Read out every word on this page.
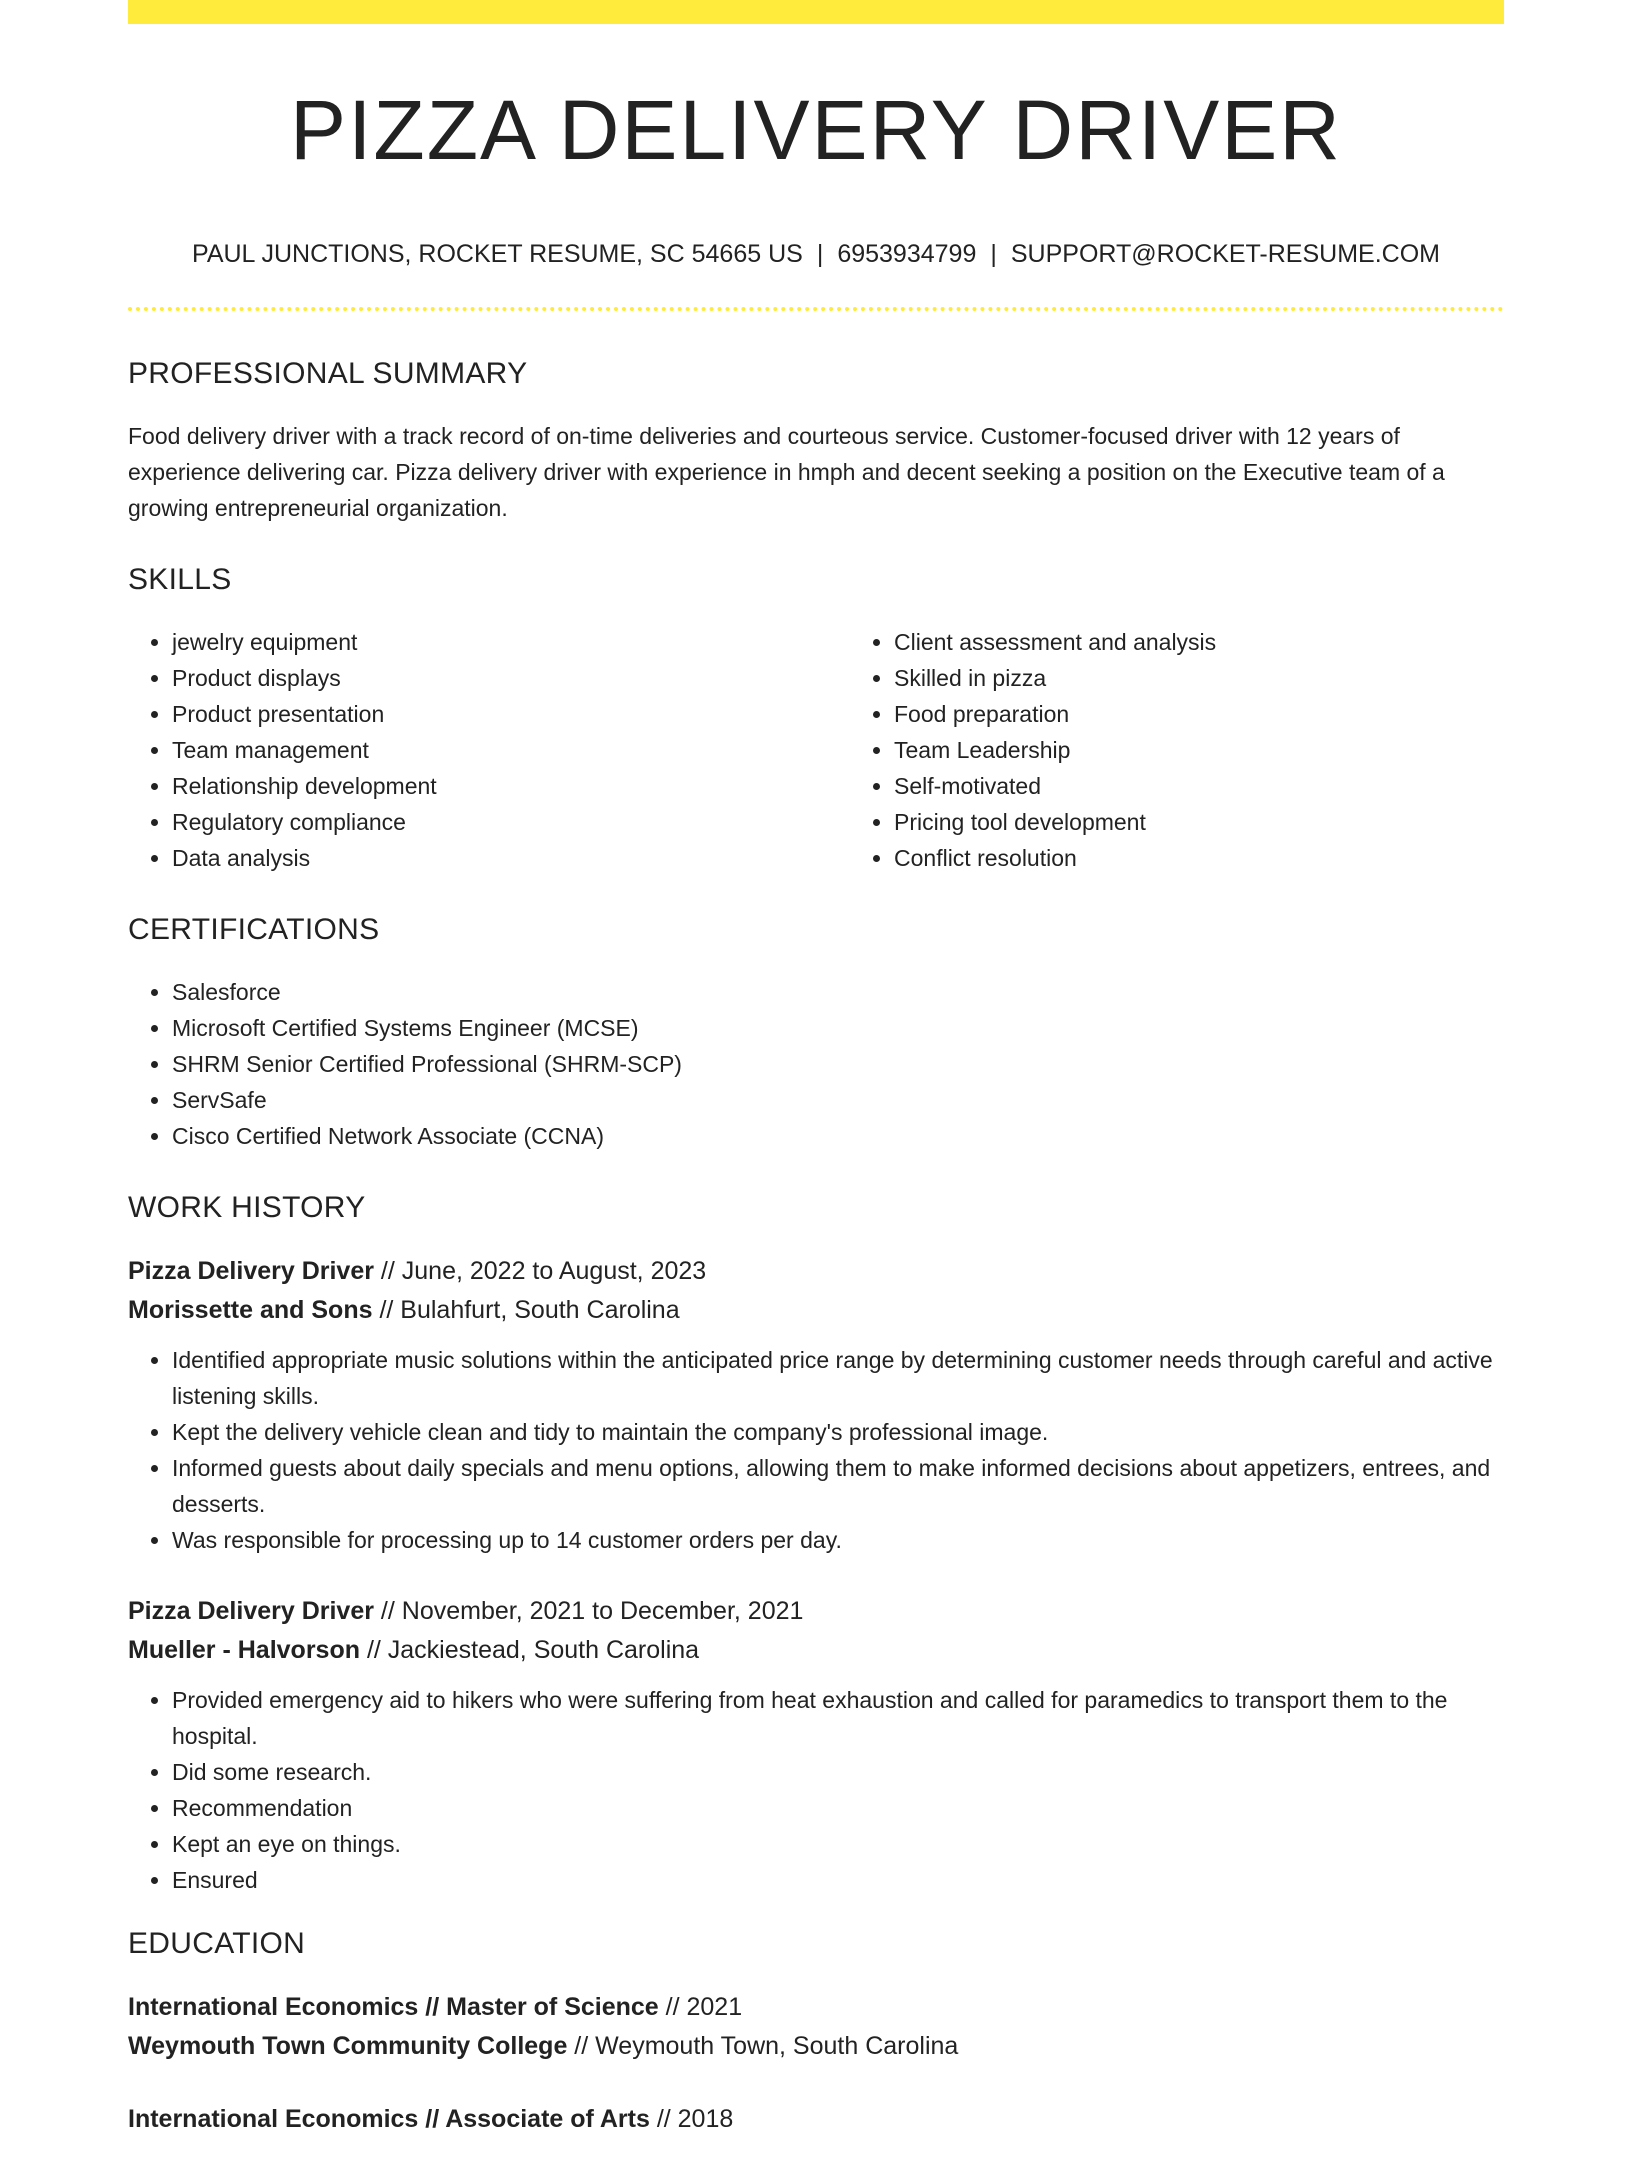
PIZZA DELIVERY DRIVER
PAUL JUNCTIONS, ROCKET RESUME, SC 54665 US | 6953934799 | SUPPORT@ROCKET-RESUME.COM
PROFESSIONAL SUMMARY

Food delivery driver with a track record of on-time deliveries and courteous service. Customer-focused driver with 12 years of experience delivering car. Pizza delivery driver with experience in hmph and decent seeking a position on the Executive team of a growing entrepreneurial organization.

SKILLS
• jewelry equipment
• Product displays
• Product presentation
• Team management
• Relationship development
• Regulatory compliance
• Data analysis
• Client assessment and analysis
• Skilled in pizza
• Food preparation
• Team Leadership
• Self-motivated
• Pricing tool development
• Conflict resolution
CERTIFICATIONS
• Salesforce
• Microsoft Certified Systems Engineer (MCSE)
• SHRM Senior Certified Professional (SHRM-SCP)
• ServSafe
• Cisco Certified Network Associate (CCNA)
WORK HISTORY
Pizza Delivery Driver // June, 2022 to August, 2023
Morissette and Sons // Bulahfurt, South Carolina
• Identified appropriate music solutions within the anticipated price range by determining customer needs through careful and active listening skills.
• Kept the delivery vehicle clean and tidy to maintain the company's professional image.
• Informed guests about daily specials and menu options, allowing them to make informed decisions about appetizers, entrees, and desserts.
• Was responsible for processing up to 14 customer orders per day.
Pizza Delivery Driver // November, 2021 to December, 2021
Mueller - Halvorson // Jackiestead, South Carolina
• Provided emergency aid to hikers who were suffering from heat exhaustion and called for paramedics to transport them to the hospital.
• Did some research.
• Recommendation
• Kept an eye on things.
• Ensured
EDUCATION
International Economics // Master of Science // 2021
Weymouth Town Community College // Weymouth Town, South Carolina
International Economics // Associate of Arts // 2018
